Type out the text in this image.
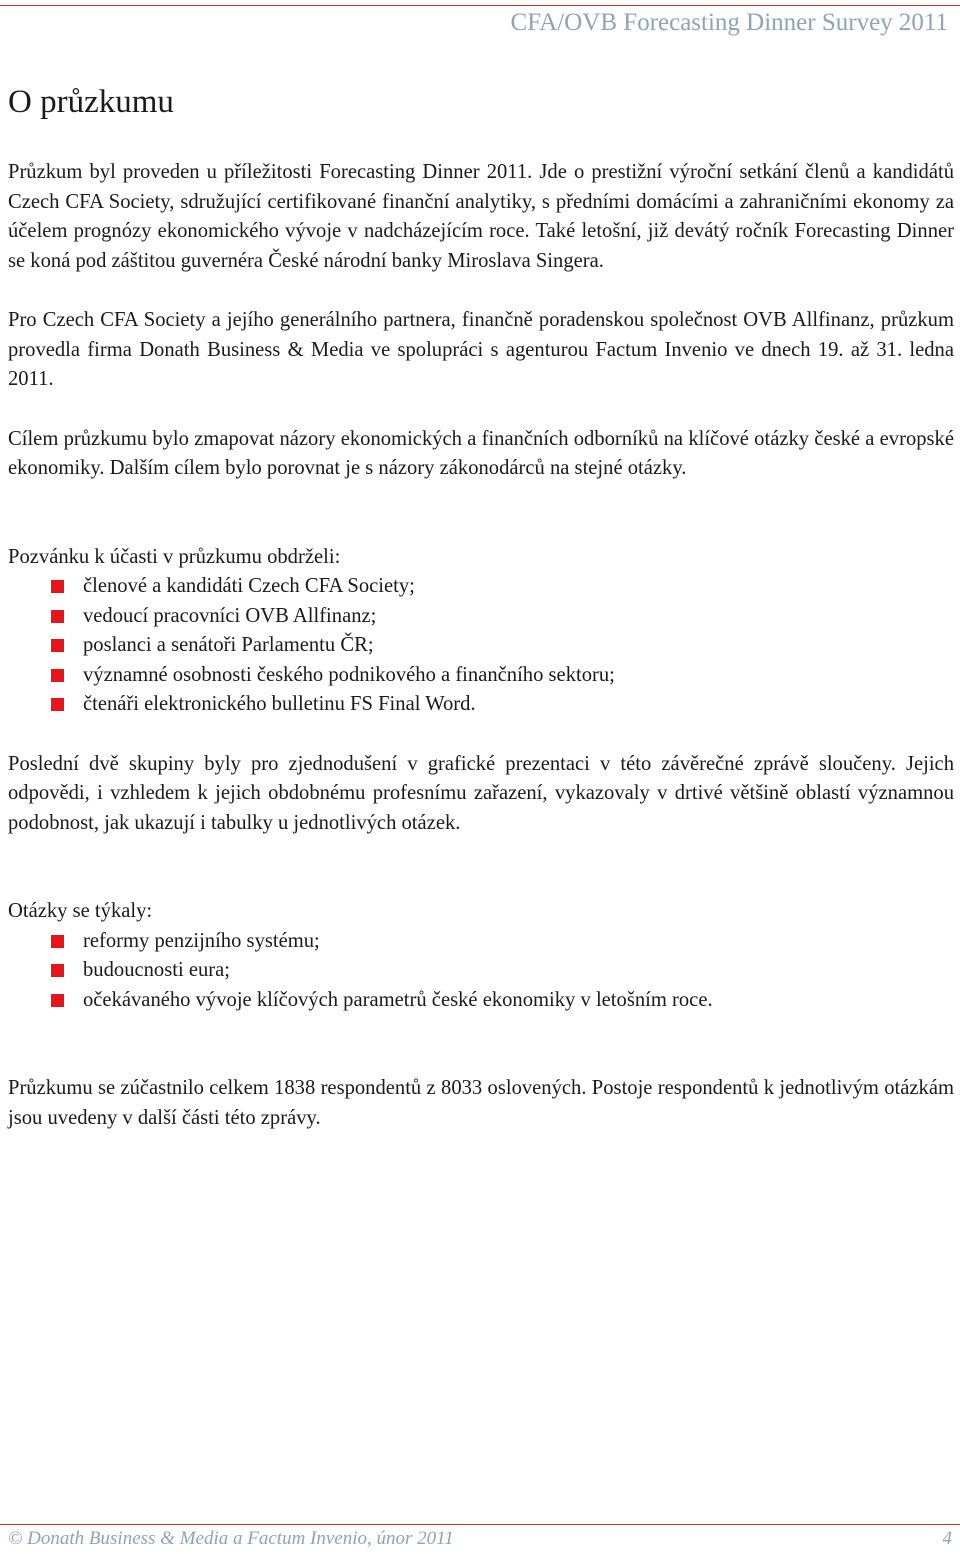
CFA/OVB Forecasting Dinner Survey 2011
O průzkumu

Průzkum byl proveden u příležitosti Forecasting Dinner 2011. Jde o prestižní výroční setkání členů a kandidátů Czech CFA Society, sdružující certifikované finanční analytiky, s předními domácími a zahraničními ekonomy za účelem prognózy ekonomického vývoje v nadcházejícím roce. Také letošní, již devátý ročník Forecasting Dinner se koná pod záštitou guvernéra České národní banky Miroslava Singera.

Pro Czech CFA Society a jejího generálního partnera, finančně poradenskou společnost OVB Allfinanz, průzkum provedla firma Donath Business & Media ve spolupráci s agenturou Factum Invenio ve dnech 19. až 31. ledna 2011.

Cílem průzkumu bylo zmapovat názory ekonomických a finančních odborníků na klíčové otázky české a evropské ekonomiky. Dalším cílem bylo porovnat je s názory zákonodárců na stejné otázky.

Pozvánku k účasti v průzkumu obdrželi:
členové a kandidáti Czech CFA Society;
vedoucí pracovníci OVB Allfinanz;
poslanci a senátoři Parlamentu ČR;
významné osobnosti českého podnikového a finančního sektoru;
čtenáři elektronického bulletinu FS Final Word.

Poslední dvě skupiny byly pro zjednodušení v grafické prezentaci v této závěrečné zprávě sloučeny. Jejich odpovědi, i vzhledem k jejich obdobnému profesnímu zařazení, vykazovaly v drtivé většině oblastí významnou podobnost, jak ukazují i tabulky u jednotlivých otázek.

Otázky se týkaly:
reformy penzijního systému;
budoucnosti eura;
očekávaného vývoje klíčových parametrů české ekonomiky v letošním roce.

Průzkumu se zúčastnilo celkem 1838 respondentů z 8033 oslovených. Postoje respondentů k jednotlivým otázkám jsou uvedeny v další části této zprávy.

© Donath Business & Media a Factum Invenio, únor 2011	4
